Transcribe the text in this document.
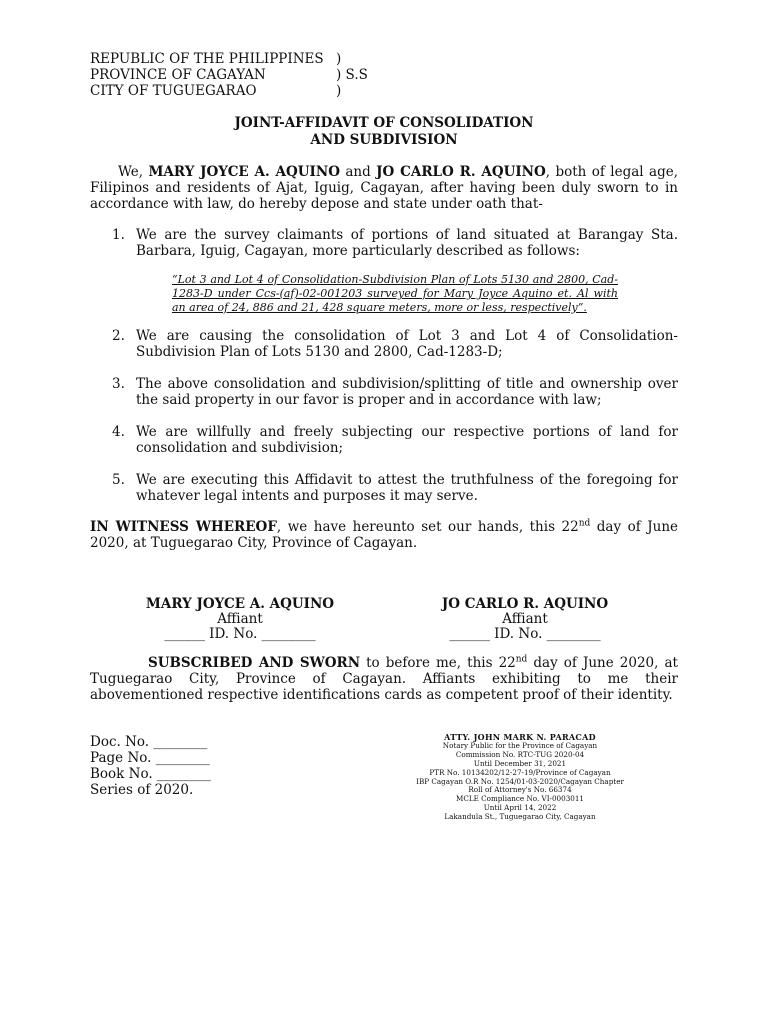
REPUBLIC OF THE PHILIPPINES )
PROVINCE OF CAGAYAN	) S.S
CITY OF TUGUEGARAO	)
JOINT-AFFIDAVIT OF CONSOLIDATION
AND SUBDIVISION
We, MARY JOYCE A. AQUINO and JO CARLO R. AQUINO, both of legal age, Filipinos and residents of Ajat, Iguig, Cagayan, after having been duly sworn to in accordance with law, do hereby depose and state under oath that-
1. We are the survey claimants of portions of land situated at Barangay Sta. Barbara, Iguig, Cagayan, more particularly described as follows:
“Lot 3 and Lot 4 of Consolidation-Subdivision Plan of Lots 5130 and 2800, Cad-1283-D under Ccs-(af)-02-001203 surveyed for Mary Joyce Aquino et. Al with an area of 24, 886 and 21, 428 square meters, more or less, respectively”.
2. We are causing the consolidation of Lot 3 and Lot 4 of Consolidation-Subdivision Plan of Lots 5130 and 2800, Cad-1283-D;
3. The above consolidation and subdivision/splitting of title and ownership over the said property in our favor is proper and in accordance with law;
4. We are willfully and freely subjecting our respective portions of land for consolidation and subdivision;
5. We are executing this Affidavit to attest the truthfulness of the foregoing for whatever legal intents and purposes it may serve.
IN WITNESS WHEREOF, we have hereunto set our hands, this 22nd day of June 2020, at Tuguegarao City, Province of Cagayan.
MARY JOYCE A. AQUINO
Affiant
______ ID. No. ________
JO CARLO R. AQUINO
Affiant
______ ID. No. ________
SUBSCRIBED AND SWORN to before me, this 22nd day of June 2020, at Tuguegarao City, Province of Cagayan. Affiants exhibiting to me their abovementioned respective identifications cards as competent proof of their identity.
Doc. No. ________
Page No. ________
Book No. ________
Series of 2020.
ATTY. JOHN MARK N. PARACAD
Notary Public for the Province of Cagayan
Commission No. RTC-TUG 2020-04
Until December 31, 2021
PTR No. 10134202/12-27-19/Province of Cagayan
IBP Cagayan O.R No. 1254/01-03-2020/Cagayan Chapter
Roll of Attorney's No. 66374
MCLE Compliance No. VI-0003011
Until April 14, 2022
Lakandula St., Tuguegarao City, Cagayan
